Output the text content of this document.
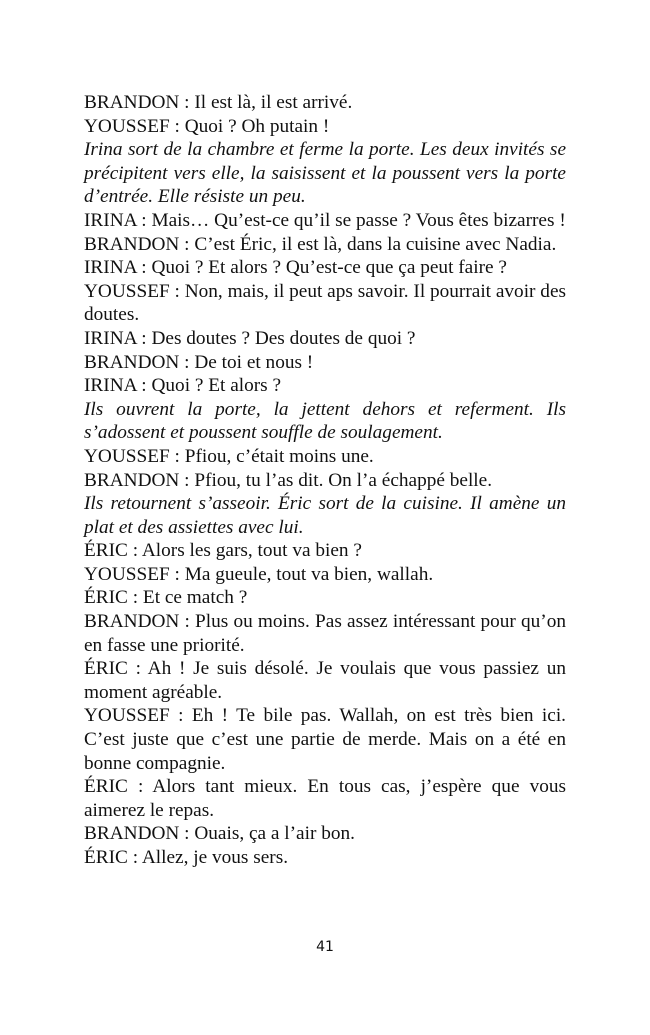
BRANDON : Il est là, il est arrivé.

YOUSSEF : Quoi ? Oh putain !

Irina sort de la chambre et ferme la porte. Les deux invités se précipitent vers elle, la saisissent et la poussent vers la porte d’entrée. Elle résiste un peu.

IRINA : Mais… Qu’est-ce qu’il se passe ? Vous êtes bizarres !

BRANDON : C’est Éric, il est là, dans la cuisine avec Nadia.

IRINA : Quoi ? Et alors ? Qu’est-ce que ça peut faire ?

YOUSSEF : Non, mais, il peut aps savoir. Il pourrait avoir des doutes.

IRINA : Des doutes ? Des doutes de quoi ?

BRANDON : De toi et nous !

IRINA : Quoi ? Et alors ?

Ils ouvrent la porte, la jettent dehors et referment. Ils s’adossent et poussent souffle de soulagement.

YOUSSEF : Pfiou, c’était moins une.

BRANDON : Pfiou, tu l’as dit. On l’a échappé belle.

Ils retournent s’asseoir. Éric sort de la cuisine. Il amène un plat et des assiettes avec lui.

ÉRIC : Alors les gars, tout va bien ?

YOUSSEF : Ma gueule, tout va bien, wallah.

ÉRIC : Et ce match ?

BRANDON : Plus ou moins. Pas assez intéressant pour qu’on en fasse une priorité.

ÉRIC : Ah ! Je suis désolé. Je voulais que vous passiez un moment agréable.

YOUSSEF : Eh ! Te bile pas. Wallah, on est très bien ici. C’est juste que c’est une partie de merde. Mais on a été en bonne compagnie.

ÉRIC : Alors tant mieux. En tous cas, j’espère que vous aimerez le repas.

BRANDON : Ouais, ça a l’air bon.

ÉRIC : Allez, je vous sers.

41
